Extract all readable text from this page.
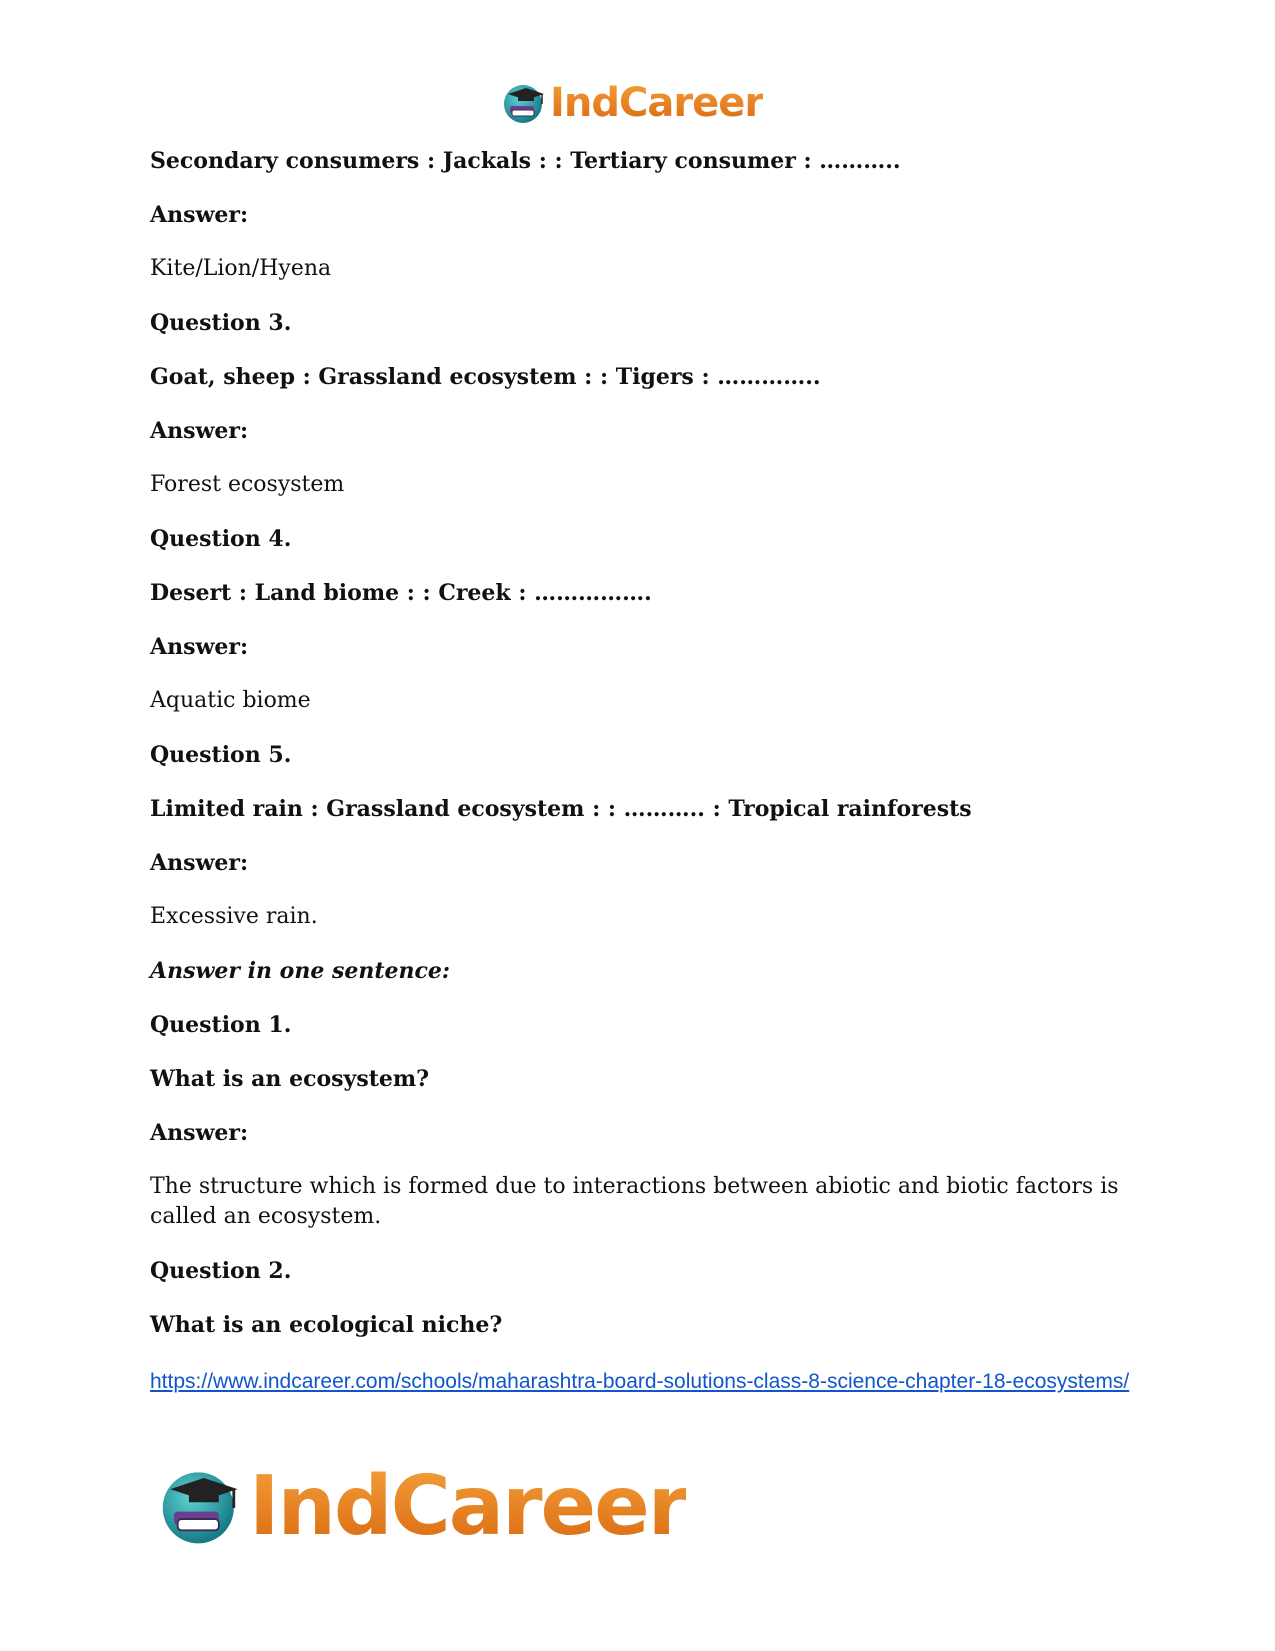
IndCareer

Secondary consumers : Jackals : : Tertiary consumer : ………..

Answer:

Kite/Lion/Hyena

Question 3.

Goat, sheep : Grassland ecosystem : : Tigers : …………..

Answer:

Forest ecosystem

Question 4.

Desert : Land biome : : Creek : …………….

Answer:

Aquatic biome

Question 5.

Limited rain : Grassland ecosystem : : ……….. : Tropical rainforests

Answer:

Excessive rain.

Answer in one sentence:

Question 1.

What is an ecosystem?

Answer:

The structure which is formed due to interactions between abiotic and biotic factors is called an ecosystem.

Question 2.

What is an ecological niche?

https://www.indcareer.com/schools/maharashtra-board-solutions-class-8-science-chapter-18-ecosystems/
IndCareer
